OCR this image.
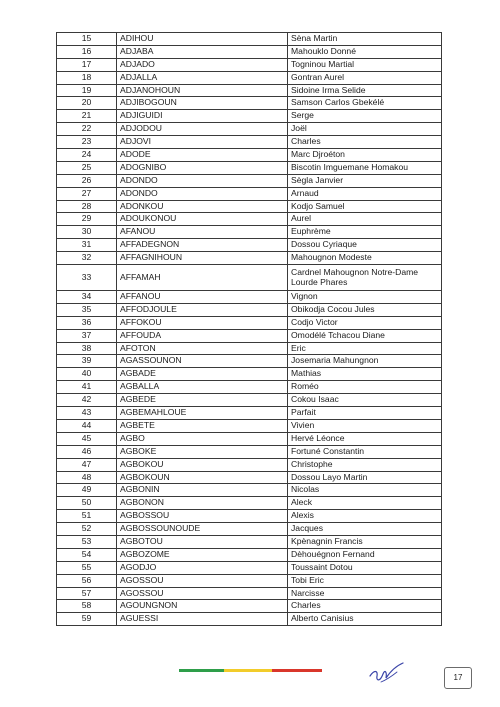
15	ADIHOU	Sèna Martin
16	ADJABA	Mahouklo Donné
17	ADJADO	Togninou Martial
18	ADJALLA	Gontran Aurel
19	ADJANOHOUN	Sidoine Irma Selide
20	ADJIBOGOUN	Samson Carlos Gbekélé
21	ADJIGUIDI	Serge
22	ADJODOU	Joël
23	ADJOVI	Charles
24	ADODE	Marc Djroéton
25	ADOGNIBO	Biscotin Imguemane Homakou
26	ADONDO	Sègla Janvier
27	ADONDO	Arnaud
28	ADONKOU	Kodjo Samuel
29	ADOUKONOU	Aurel
30	AFANOU	Euphrème
31	AFFADEGNON	Dossou Cyriaque
32	AFFAGNIHOUN	Mahougnon Modeste
33	AFFAMAH	Cardnel Mahougnon Notre-Dame Lourde Phares
34	AFFANOU	Vignon
35	AFFODJOULE	Obikodja Cocou Jules
36	AFFOKOU	Codjo Victor
37	AFFOUDA	Omodélé Tchacou Diane
38	AFOTON	Eric
39	AGASSOUNON	Josemaria Mahungnon
40	AGBADE	Mathias
41	AGBALLA	Roméo
42	AGBEDE	Cokou Isaac
43	AGBEMAHLOUE	Parfait
44	AGBETE	Vivien
45	AGBO	Hervé Léonce
46	AGBOKE	Fortuné Constantin
47	AGBOKOU	Christophe
48	AGBOKOUN	Dossou Layo Martin
49	AGBONIN	Nicolas
50	AGBONON	Aleck
51	AGBOSSOU	Alexis
52	AGBOSSOUNOUDE	Jacques
53	AGBOTOU	Kpènagnin Francis
54	AGBOZOME	Dèhouégnon Fernand
55	AGODJO	Toussaint Dotou
56	AGOSSOU	Tobi Eric
57	AGOSSOU	Narcisse
58	AGOUNGNON	Charles
59	AGUESSI	Alberto Canisius
17
